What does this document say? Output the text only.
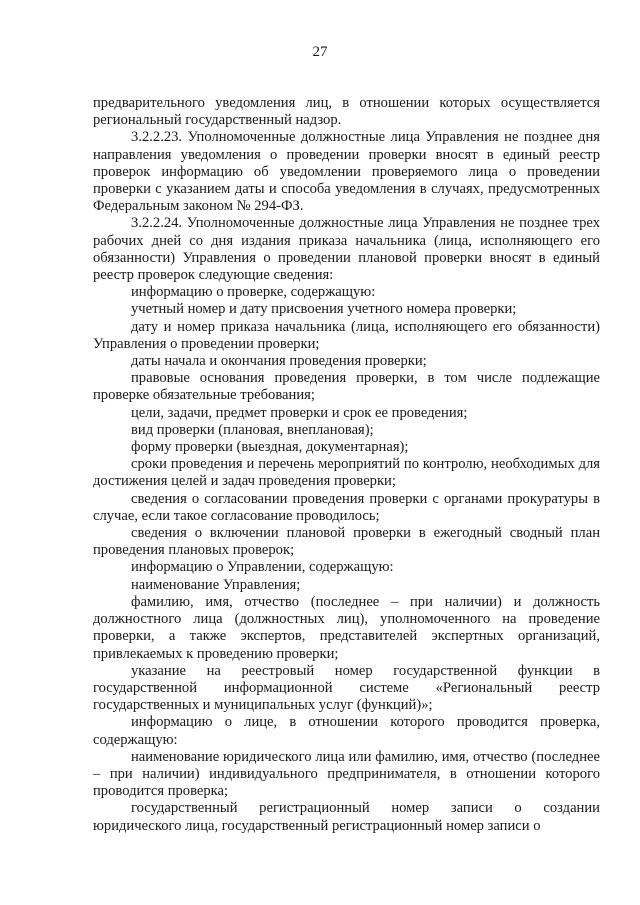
27

предварительного уведомления лиц, в отношении которых осуществляется региональный государственный надзор.

3.2.2.23. Уполномоченные должностные лица Управления не позднее дня направления уведомления о проведении проверки вносят в единый реестр проверок информацию об уведомлении проверяемого лица о проведении проверки с указанием даты и способа уведомления в случаях, предусмотренных Федеральным законом № 294-ФЗ.

3.2.2.24. Уполномоченные должностные лица Управления не позднее трех рабочих дней со дня издания приказа начальника (лица, исполняющего его обязанности) Управления о проведении плановой проверки вносят в единый реестр проверок следующие сведения:

информацию о проверке, содержащую:

учетный номер и дату присвоения учетного номера проверки;

дату и номер приказа начальника (лица, исполняющего его обязанности) Управления о проведении проверки;

даты начала и окончания проведения проверки;

правовые основания проведения проверки, в том числе подлежащие проверке обязательные требования;

цели, задачи, предмет проверки и срок ее проведения;

вид проверки (плановая, внеплановая);

форму проверки (выездная, документарная);

сроки проведения и перечень мероприятий по контролю, необходимых для достижения целей и задач проведения проверки;

сведения о согласовании проведения проверки с органами прокуратуры в случае, если такое согласование проводилось;

сведения о включении плановой проверки в ежегодный сводный план проведения плановых проверок;

информацию о Управлении, содержащую:

наименование Управления;

фамилию, имя, отчество (последнее – при наличии) и должность должностного лица (должностных лиц), уполномоченного на проведение проверки, а также экспертов, представителей экспертных организаций, привлекаемых к проведению проверки;

указание на реестровый номер государственной функции в государственной информационной системе «Региональный реестр государственных и муниципальных услуг (функций)»;

информацию о лице, в отношении которого проводится проверка, содержащую:

наименование юридического лица или фамилию, имя, отчество (последнее – при наличии) индивидуального предпринимателя, в отношении которого проводится проверка;

государственный регистрационный номер записи о создании юридического лица, государственный регистрационный номер записи о
